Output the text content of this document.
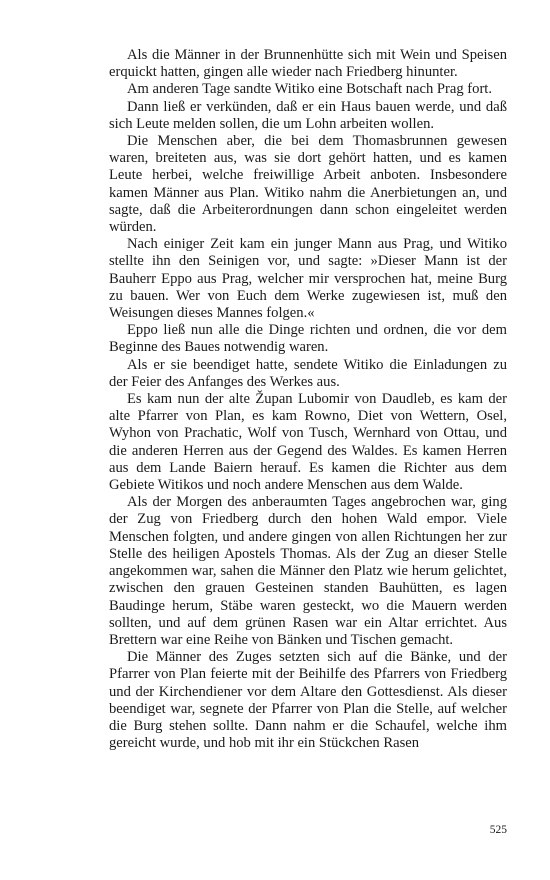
Als die Männer in der Brunnenhütte sich mit Wein und Speisen erquickt hatten, gingen alle wieder nach Friedberg hinunter.

Am anderen Tage sandte Witiko eine Botschaft nach Prag fort.

Dann ließ er verkünden, daß er ein Haus bauen werde, und daß sich Leute melden sollen, die um Lohn arbeiten wollen.

Die Menschen aber, die bei dem Thomasbrunnen gewesen waren, breiteten aus, was sie dort gehört hatten, und es kamen Leute herbei, welche freiwillige Arbeit anboten. Insbesondere kamen Männer aus Plan. Witiko nahm die Anerbietungen an, und sagte, daß die Arbeiterordnungen dann schon eingeleitet werden würden.

Nach einiger Zeit kam ein junger Mann aus Prag, und Witiko stellte ihn den Seinigen vor, und sagte: »Dieser Mann ist der Bauherr Eppo aus Prag, welcher mir versprochen hat, meine Burg zu bauen. Wer von Euch dem Werke zugewiesen ist, muß den Weisungen dieses Mannes folgen.«

Eppo ließ nun alle die Dinge richten und ordnen, die vor dem Beginne des Baues notwendig waren.

Als er sie beendiget hatte, sendete Witiko die Einladungen zu der Feier des Anfanges des Werkes aus.

Es kam nun der alte Župan Lubomir von Daudleb, es kam der alte Pfarrer von Plan, es kam Rowno, Diet von Wettern, Osel, Wyhon von Prachatic, Wolf von Tusch, Wernhard von Ottau, und die anderen Herren aus der Gegend des Waldes. Es kamen Herren aus dem Lande Baiern herauf. Es kamen die Richter aus dem Gebiete Witikos und noch andere Menschen aus dem Walde.

Als der Morgen des anberaumten Tages angebrochen war, ging der Zug von Friedberg durch den hohen Wald empor. Viele Menschen folgten, und andere gingen von allen Richtungen her zur Stelle des heiligen Apostels Thomas. Als der Zug an dieser Stelle angekommen war, sahen die Männer den Platz wie herum gelichtet, zwischen den grauen Gesteinen standen Bauhütten, es lagen Baudinge herum, Stäbe waren gesteckt, wo die Mauern werden sollten, und auf dem grünen Rasen war ein Altar errichtet. Aus Brettern war eine Reihe von Bänken und Tischen gemacht.

Die Männer des Zuges setzten sich auf die Bänke, und der Pfarrer von Plan feierte mit der Beihilfe des Pfarrers von Friedberg und der Kirchendiener vor dem Altare den Gottesdienst. Als dieser beendiget war, segnete der Pfarrer von Plan die Stelle, auf welcher die Burg stehen sollte. Dann nahm er die Schaufel, welche ihm gereicht wurde, und hob mit ihr ein Stückchen Rasen

525
